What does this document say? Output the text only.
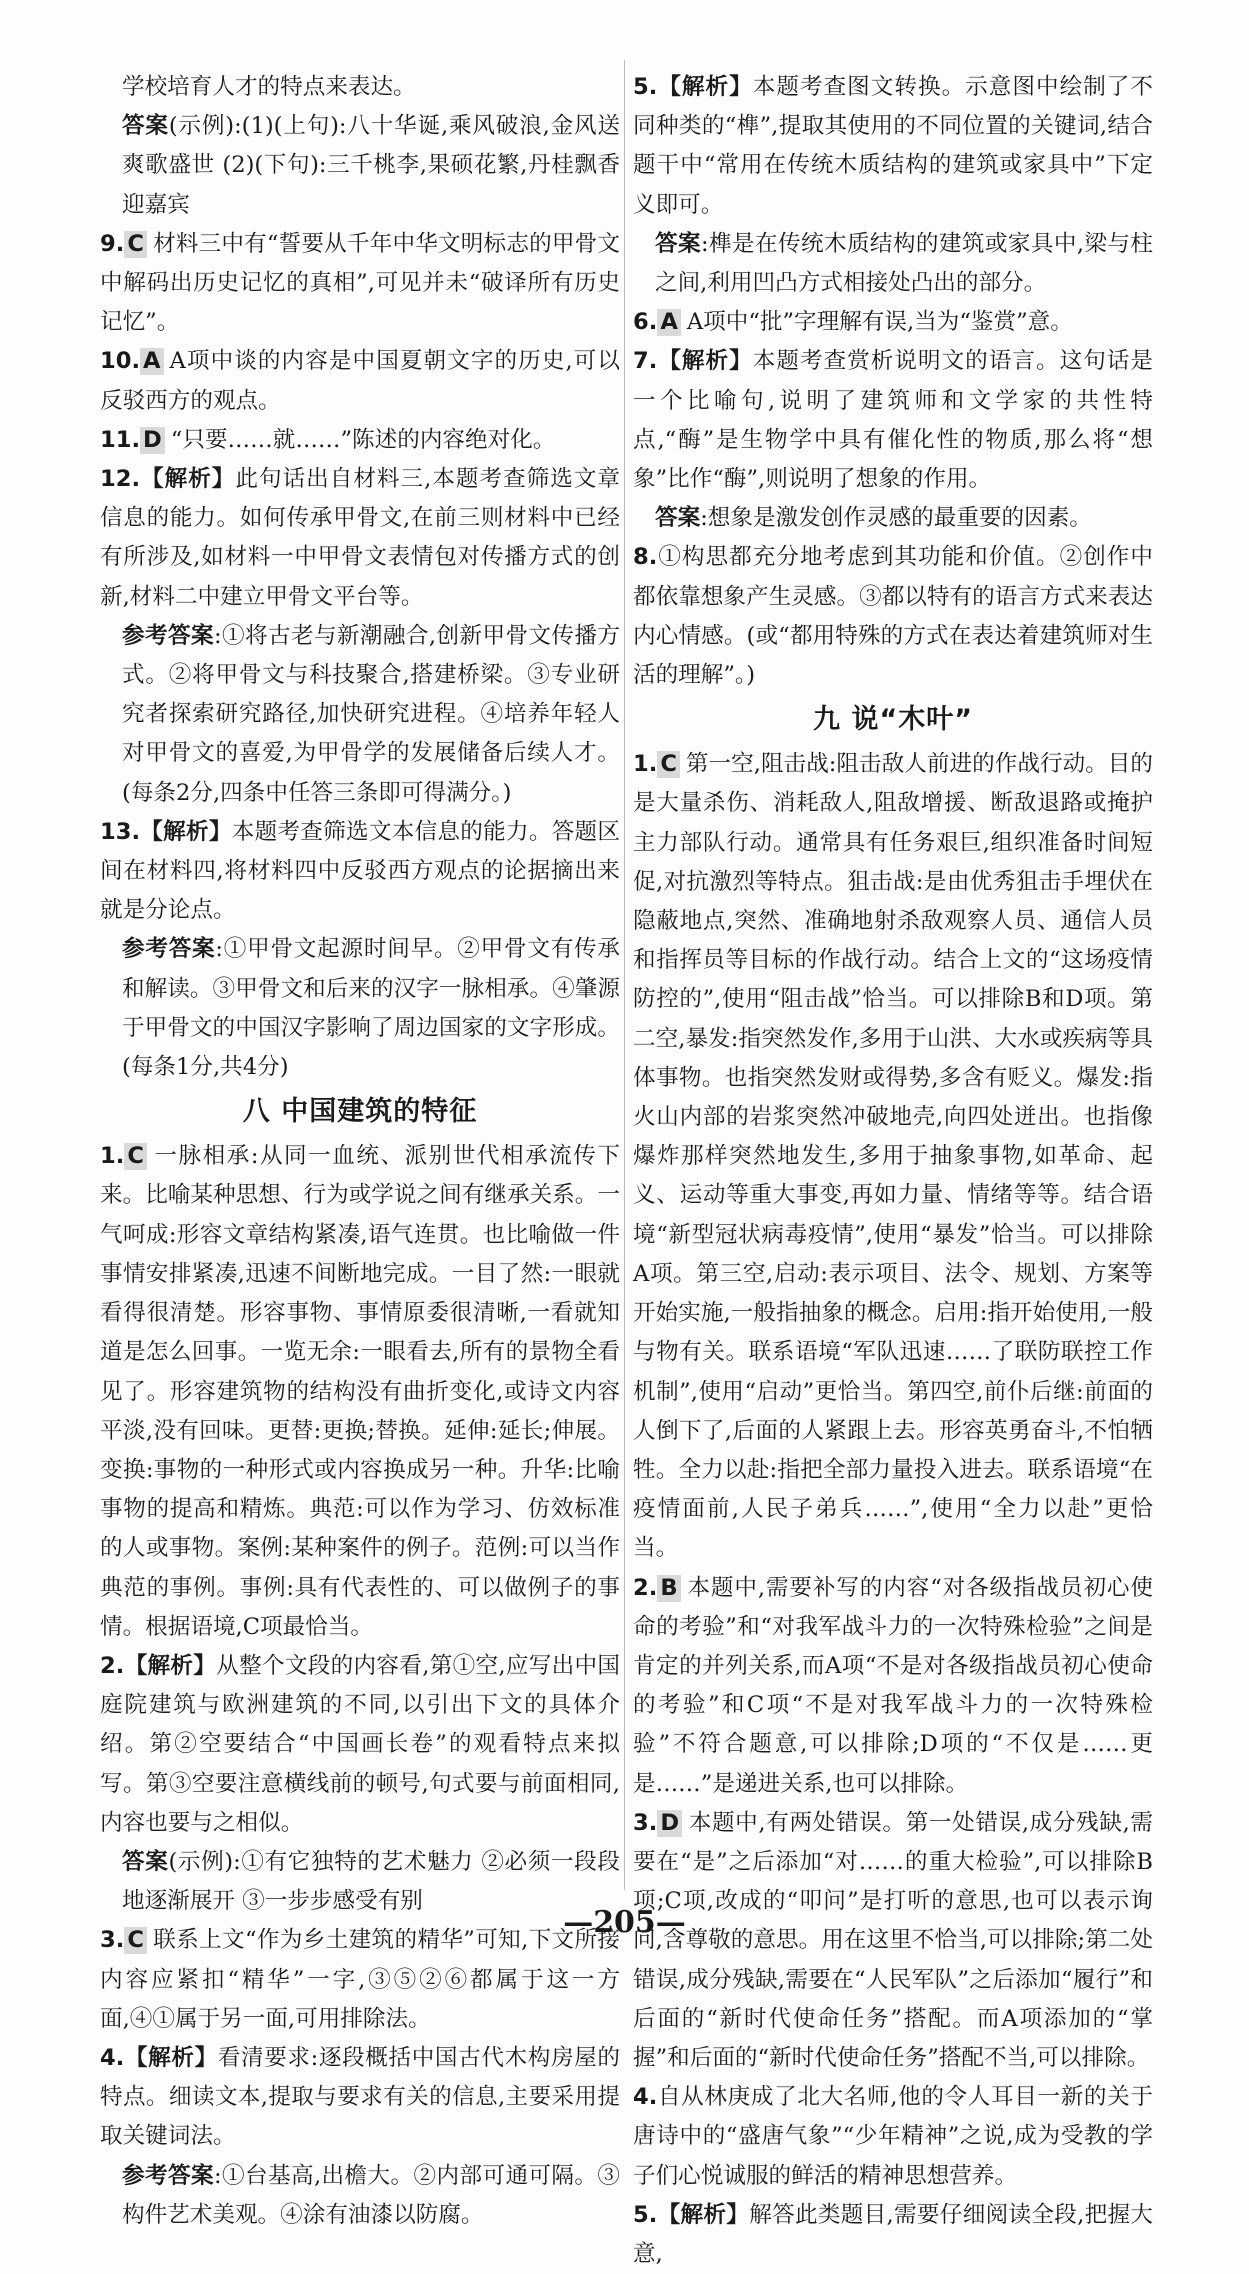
学校培育人才的特点来表达。

答案(示例):(1)(上句):八十华诞,乘风破浪,金风送爽歌盛世 (2)(下句):三千桃李,果硕花繁,丹桂飘香迎嘉宾

9. C 材料三中有“誓要从千年中华文明标志的甲骨文中解码出历史记忆的真相”,可见并未“破译所有历史记忆”。

10. A A项中谈的内容是中国夏朝文字的历史,可以反驳西方的观点。

11. D “只要……就……”陈述的内容绝对化。

12.【解析】此句话出自材料三,本题考查筛选文章信息的能力。如何传承甲骨文,在前三则材料中已经有所涉及,如材料一中甲骨文表情包对传播方式的创新,材料二中建立甲骨文平台等。

参考答案:①将古老与新潮融合,创新甲骨文传播方式。②将甲骨文与科技聚合,搭建桥梁。③专业研究者探索研究路径,加快研究进程。④培养年轻人对甲骨文的喜爱,为甲骨学的发展储备后续人才。(每条2分,四条中任答三条即可得满分。)

13.【解析】本题考查筛选文本信息的能力。答题区间在材料四,将材料四中反驳西方观点的论据摘出来就是分论点。

参考答案:①甲骨文起源时间早。②甲骨文有传承和解读。③甲骨文和后来的汉字一脉相承。④肇源于甲骨文的中国汉字影响了周边国家的文字形成。(每条1分,共4分)

八 中国建筑的特征

1. C 一脉相承:从同一血统、派别世代相承流传下来。比喻某种思想、行为或学说之间有继承关系。一气呵成:形容文章结构紧凑,语气连贯。也比喻做一件事情安排紧凑,迅速不间断地完成。一目了然:一眼就看得很清楚。形容事物、事情原委很清晰,一看就知道是怎么回事。一览无余:一眼看去,所有的景物全看见了。形容建筑物的结构没有曲折变化,或诗文内容平淡,没有回味。更替:更换;替换。延伸:延长;伸展。变换:事物的一种形式或内容换成另一种。升华:比喻事物的提高和精炼。典范:可以作为学习、仿效标准的人或事物。案例:某种案件的例子。范例:可以当作典范的事例。事例:具有代表性的、可以做例子的事情。根据语境,C项最恰当。

2.【解析】从整个文段的内容看,第①空,应写出中国庭院建筑与欧洲建筑的不同,以引出下文的具体介绍。第②空要结合“中国画长卷”的观看特点来拟写。第③空要注意横线前的顿号,句式要与前面相同,内容也要与之相似。

答案(示例):①有它独特的艺术魅力 ②必须一段段地逐渐展开 ③一步步感受有别

3. C 联系上文“作为乡土建筑的精华”可知,下文所接内容应紧扣“精华”一字,③⑤②⑥都属于这一方面,④①属于另一面,可用排除法。

4.【解析】看清要求:逐段概括中国古代木构房屋的特点。细读文本,提取与要求有关的信息,主要采用提取关键词法。

参考答案:①台基高,出檐大。②内部可通可隔。③构件艺术美观。④涂有油漆以防腐。

5.【解析】本题考查图文转换。示意图中绘制了不同种类的“榫”,提取其使用的不同位置的关键词,结合题干中“常用在传统木质结构的建筑或家具中”下定义即可。

答案:榫是在传统木质结构的建筑或家具中,梁与柱之间,利用凹凸方式相接处凸出的部分。

6. A A项中“批”字理解有误,当为“鉴赏”意。

7.【解析】本题考查赏析说明文的语言。这句话是一个比喻句,说明了建筑师和文学家的共性特点,“酶”是生物学中具有催化性的物质,那么将“想象”比作“酶”,则说明了想象的作用。

答案:想象是激发创作灵感的最重要的因素。

8.①构思都充分地考虑到其功能和价值。②创作中都依靠想象产生灵感。③都以特有的语言方式来表达内心情感。(或“都用特殊的方式在表达着建筑师对生活的理解”。)

九 说“木叶”

1. C 第一空,阻击战:阻击敌人前进的作战行动。目的是大量杀伤、消耗敌人,阻敌增援、断敌退路或掩护主力部队行动。通常具有任务艰巨,组织准备时间短促,对抗激烈等特点。狙击战:是由优秀狙击手埋伏在隐蔽地点,突然、准确地射杀敌观察人员、通信人员和指挥员等目标的作战行动。结合上文的“这场疫情防控的”,使用“阻击战”恰当。可以排除B和D项。第二空,暴发:指突然发作,多用于山洪、大水或疾病等具体事物。也指突然发财或得势,多含有贬义。爆发:指火山内部的岩浆突然冲破地壳,向四处迸出。也指像爆炸那样突然地发生,多用于抽象事物,如革命、起义、运动等重大事变,再如力量、情绪等等。结合语境“新型冠状病毒疫情”,使用“暴发”恰当。可以排除A项。第三空,启动:表示项目、法令、规划、方案等开始实施,一般指抽象的概念。启用:指开始使用,一般与物有关。联系语境“军队迅速……了联防联控工作机制”,使用“启动”更恰当。第四空,前仆后继:前面的人倒下了,后面的人紧跟上去。形容英勇奋斗,不怕牺牲。全力以赴:指把全部力量投入进去。联系语境“在疫情面前,人民子弟兵……”,使用“全力以赴”更恰当。

2. B 本题中,需要补写的内容“对各级指战员初心使命的考验”和“对我军战斗力的一次特殊检验”之间是肯定的并列关系,而A项“不是对各级指战员初心使命的考验”和C项“不是对我军战斗力的一次特殊检验”不符合题意,可以排除;D项的“不仅是……更是……”是递进关系,也可以排除。

3. D 本题中,有两处错误。第一处错误,成分残缺,需要在“是”之后添加“对……的重大检验”,可以排除B项;C项,改成的“叩问”是打听的意思,也可以表示询问,含尊敬的意思。用在这里不恰当,可以排除;第二处错误,成分残缺,需要在“人民军队”之后添加“履行”和后面的“新时代使命任务”搭配。而A项添加的“掌握”和后面的“新时代使命任务”搭配不当,可以排除。

4.自从林庚成了北大名师,他的令人耳目一新的关于唐诗中的“盛唐气象”“少年精神”之说,成为受教的学子们心悦诚服的鲜活的精神思想营养。

5.【解析】解答此类题目,需要仔细阅读全段,把握大意,

—205—
